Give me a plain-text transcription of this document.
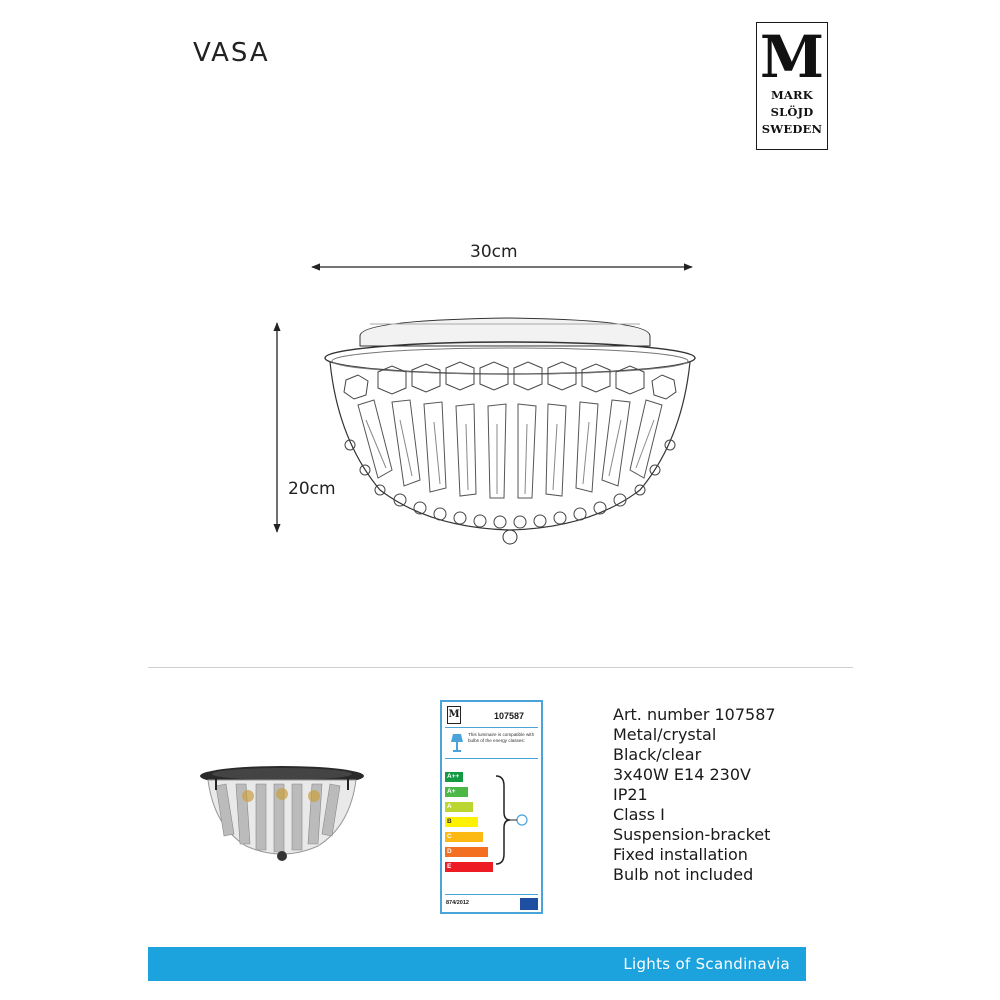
VASA	M
MARK
SLÖJD
SWEDEN
30cm
20cm
M	107587
This luminaire is compatible with bulbs of the energy classes:
A++
A+
A
B
C
D
E
874/2012
Art. number 107587
Metal/crystal
Black/clear
3x40W E14 230V
IP21
Class I
Suspension-bracket
Fixed installation
Bulb not included
Lights of Scandinavia
